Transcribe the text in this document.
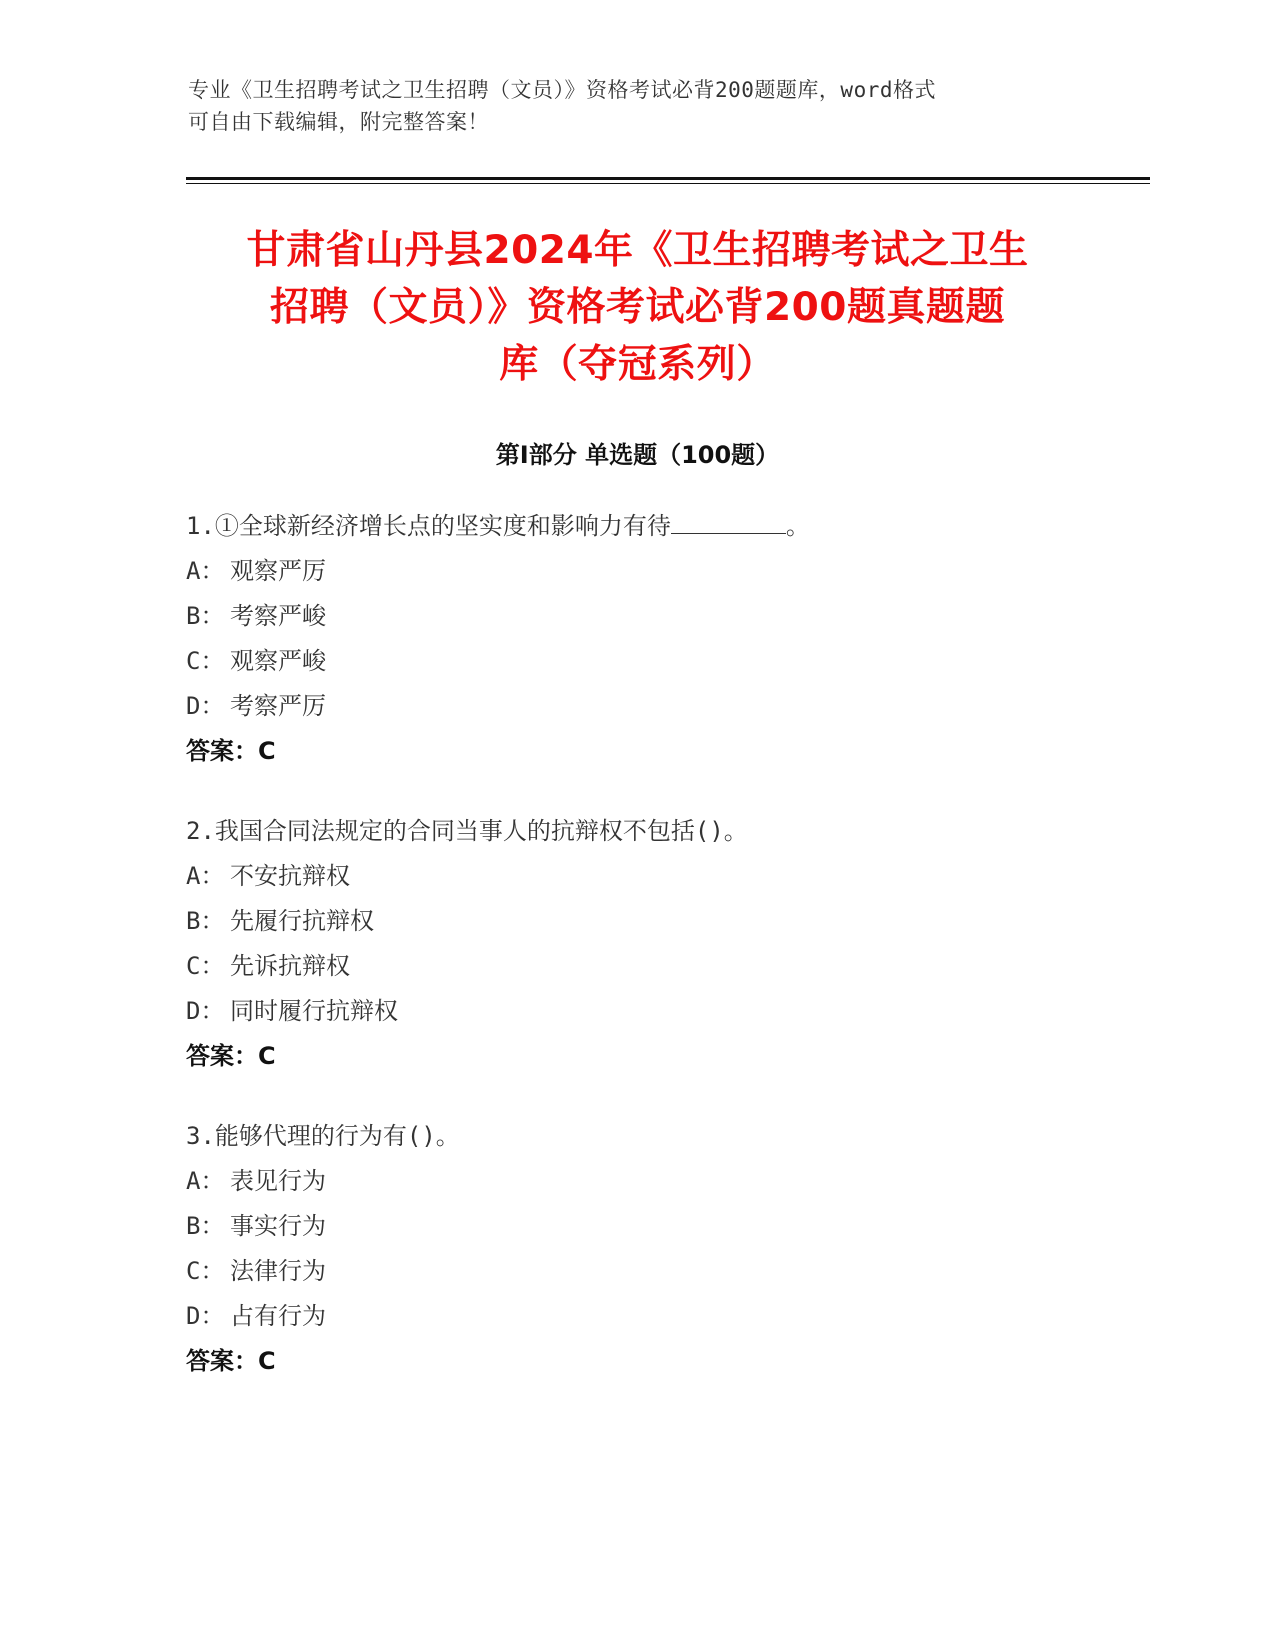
专业《卫生招聘考试之卫生招聘（文员）》资格考试必背200题题库，word格式
可自由下载编辑，附完整答案！
甘肃省山丹县2024年《卫生招聘考试之卫生
招聘（文员）》资格考试必背200题真题题
库（夺冠系列）
第Ⅰ部分 单选题（100题）
1.①全球新经济增长点的坚实度和影响力有待	。
A： 观察严厉
B： 考察严峻
C： 观察严峻
D： 考察严厉
答案：C
2.我国合同法规定的合同当事人的抗辩权不包括()。
A： 不安抗辩权
B： 先履行抗辩权
C： 先诉抗辩权
D： 同时履行抗辩权
答案：C
3.能够代理的行为有()。
A： 表见行为
B： 事实行为
C： 法律行为
D： 占有行为
答案：C
